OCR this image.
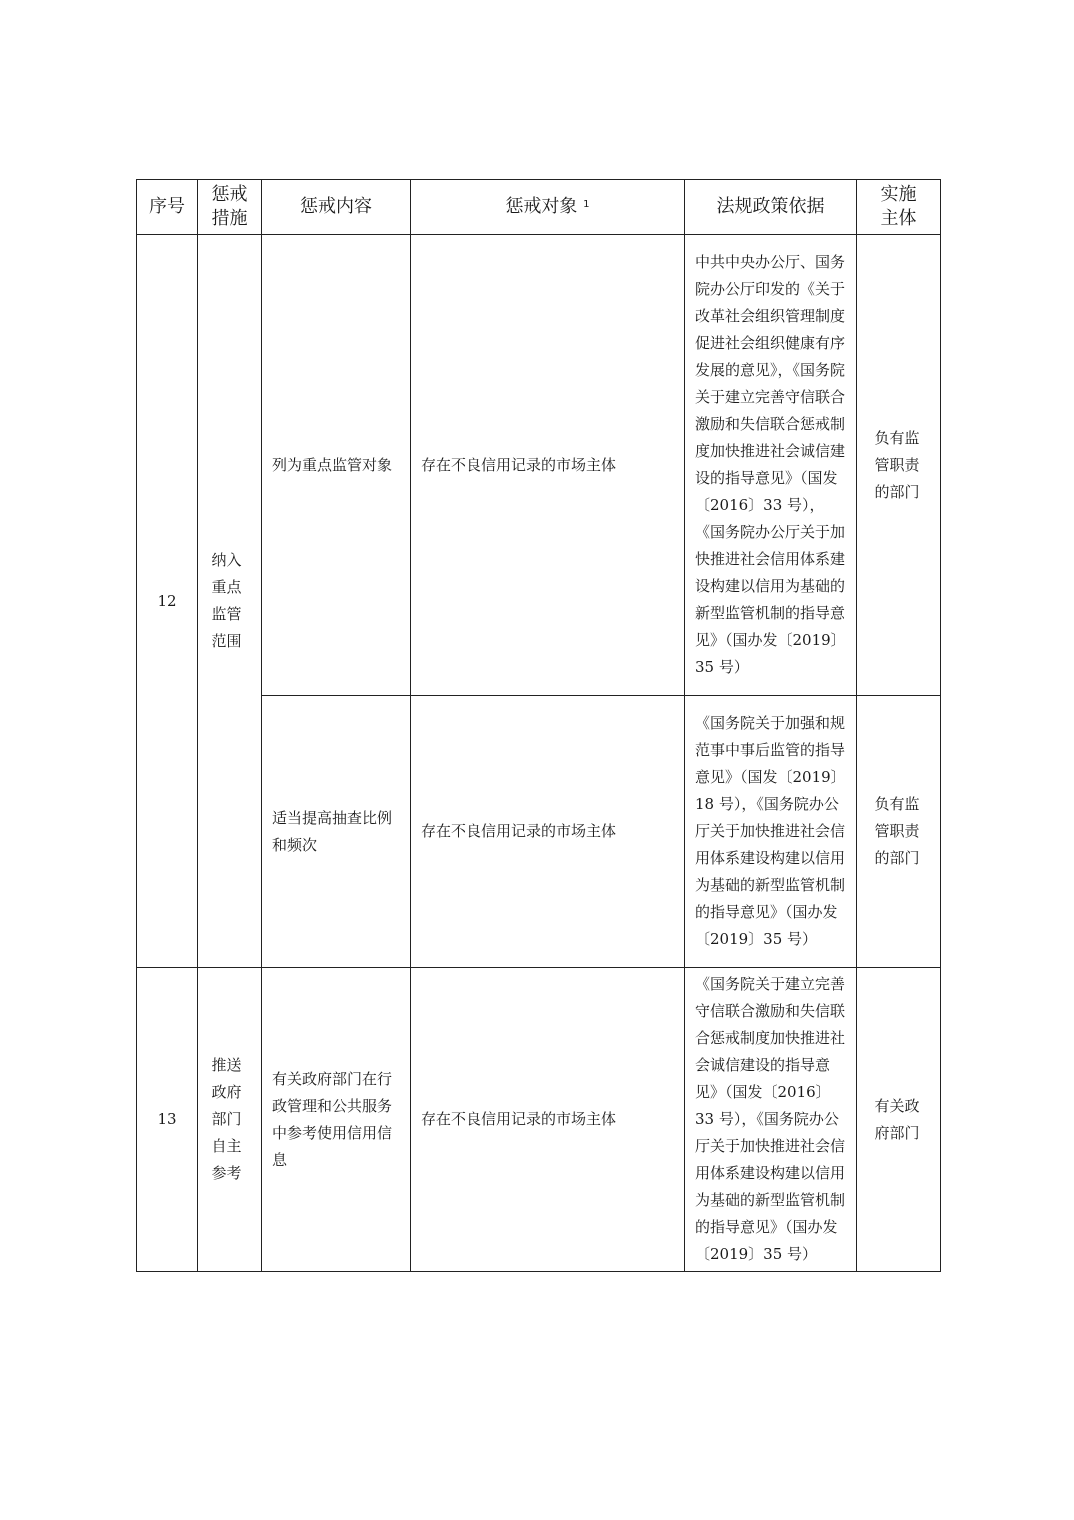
序号	惩戒措施	惩戒内容	惩戒对象 $^1$	法规政策依据	实施主体

12	纳入重点监管范围	列为重点监管对象	存在不良信用记录的市场主体	中共中央办公厅、国务院办公厅印发的《关于改革社会组织管理制度促进社会组织健康有序发展的意见》，《国务院关于建立完善守信联合激励和失信联合惩戒制度加快推进社会诚信建设的指导意见》（国发〔2016〕33 号），《国务院办公厅关于加快推进社会信用体系建设构建以信用为基础的新型监管机制的指导意见》（国办发〔2019〕35 号）	负有监管职责的部门

		适当提高抽查比例和频次	存在不良信用记录的市场主体	《国务院关于加强和规范事中事后监管的指导意见》（国发〔2019〕18 号），《国务院办公厅关于加快推进社会信用体系建设构建以信用为基础的新型监管机制的指导意见》（国办发〔2019〕35 号）	负有监管职责的部门

13	推送政府部门自主参考	有关政府部门在行政管理和公共服务中参考使用信用信息	存在不良信用记录的市场主体	《国务院关于建立完善守信联合激励和失信联合惩戒制度加快推进社会诚信建设的指导意见》（国发〔2016〕33 号），《国务院办公厅关于加快推进社会信用体系建设构建以信用为基础的新型监管机制的指导意见》（国办发〔2019〕35 号）	有关政府部门
